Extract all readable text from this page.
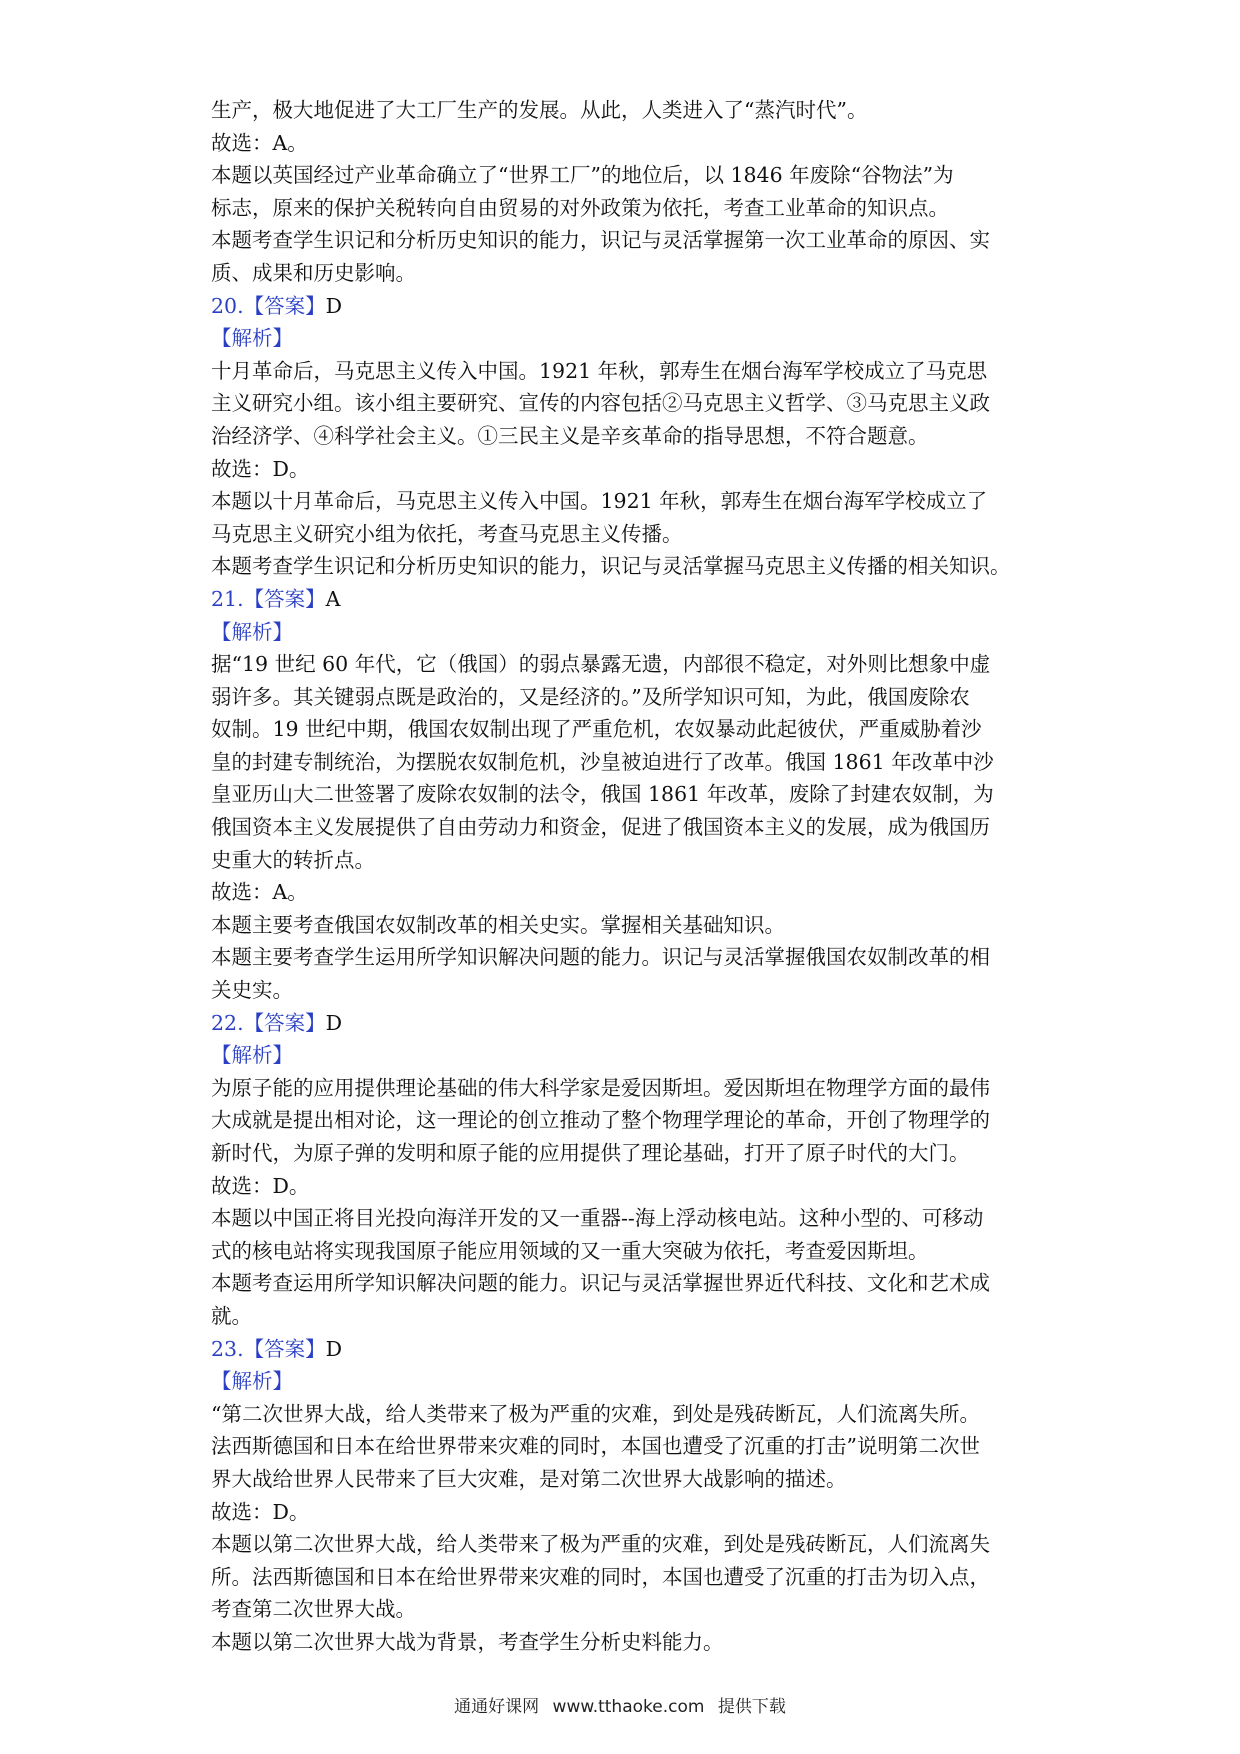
生产，极大地促进了大工厂生产的发展。从此，人类进入了“蒸汽时代”。
故选：A。
本题以英国经过产业革命确立了“世界工厂”的地位后，以 1846 年废除“谷物法”为
标志，原来的保护关税转向自由贸易的对外政策为依托，考查工业革命的知识点。
本题考查学生识记和分析历史知识的能力，识记与灵活掌握第一次工业革命的原因、实
质、成果和历史影响。
20.【答案】D
【解析】
十月革命后，马克思主义传入中国。1921 年秋，郭寿生在烟台海军学校成立了马克思
主义研究小组。该小组主要研究、宣传的内容包括②马克思主义哲学、③马克思主义政
治经济学、④科学社会主义。①三民主义是辛亥革命的指导思想，不符合题意。
故选：D。
本题以十月革命后，马克思主义传入中国。1921 年秋，郭寿生在烟台海军学校成立了
马克思主义研究小组为依托，考查马克思主义传播。
本题考查学生识记和分析历史知识的能力，识记与灵活掌握马克思主义传播的相关知识。
21.【答案】A
【解析】
据“19 世纪 60 年代，它（俄国）的弱点暴露无遗，内部很不稳定，对外则比想象中虚
弱许多。其关键弱点既是政治的，又是经济的。”及所学知识可知，为此，俄国废除农
奴制。19 世纪中期，俄国农奴制出现了严重危机，农奴暴动此起彼伏，严重威胁着沙
皇的封建专制统治，为摆脱农奴制危机，沙皇被迫进行了改革。俄国 1861 年改革中沙
皇亚历山大二世签署了废除农奴制的法令，俄国 1861 年改革，废除了封建农奴制，为
俄国资本主义发展提供了自由劳动力和资金，促进了俄国资本主义的发展，成为俄国历
史重大的转折点。
故选：A。
本题主要考查俄国农奴制改革的相关史实。掌握相关基础知识。
本题主要考查学生运用所学知识解决问题的能力。识记与灵活掌握俄国农奴制改革的相
关史实。
22.【答案】D
【解析】
为原子能的应用提供理论基础的伟大科学家是爱因斯坦。爱因斯坦在物理学方面的最伟
大成就是提出相对论，这一理论的创立推动了整个物理学理论的革命，开创了物理学的
新时代，为原子弹的发明和原子能的应用提供了理论基础，打开了原子时代的大门。
故选：D。
本题以中国正将目光投向海洋开发的又一重器--海上浮动核电站。这种小型的、可移动
式的核电站将实现我国原子能应用领域的又一重大突破为依托，考查爱因斯坦。
本题考查运用所学知识解决问题的能力。识记与灵活掌握世界近代科技、文化和艺术成
就。
23.【答案】D
【解析】
“第二次世界大战，给人类带来了极为严重的灾难，到处是残砖断瓦，人们流离失所。
法西斯德国和日本在给世界带来灾难的同时，本国也遭受了沉重的打击”说明第二次世
界大战给世界人民带来了巨大灾难，是对第二次世界大战影响的描述。
故选：D。
本题以第二次世界大战，给人类带来了极为严重的灾难，到处是残砖断瓦，人们流离失
所。法西斯德国和日本在给世界带来灾难的同时，本国也遭受了沉重的打击为切入点，
考查第二次世界大战。
本题以第二次世界大战为背景，考查学生分析史料能力。
通通好课网 www.tthaoke.com 提供下载
